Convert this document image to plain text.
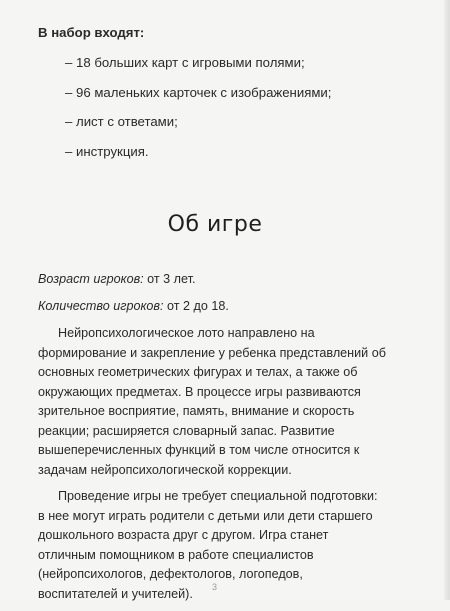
В набор входят:
– 18 больших карт с игровыми полями;
– 96 маленьких карточек с изображениями;
– лист с ответами;
– инструкция.
Об игре
Возраст игроков: от 3 лет.
Количество игроков: от 2 до 18.

Нейропсихологическое лото направлено на формирование и закрепление у ребенка представлений об основных геометрических фигурах и телах, а также об окружающих предметах. В процессе игры развиваются зрительное восприятие, память, внимание и скорость реакции; расширяется словарный запас. Развитие вышеперечисленных функций в том числе относится к задачам нейропсихологической коррекции.

Проведение игры не требует специальной подготовки: в нее могут играть родители с детьми или дети старшего дошкольного возраста друг с другом. Игра станет отличным помощником в работе специалистов (нейропсихологов, дефектологов, логопедов, воспитателей и учителей).	3
